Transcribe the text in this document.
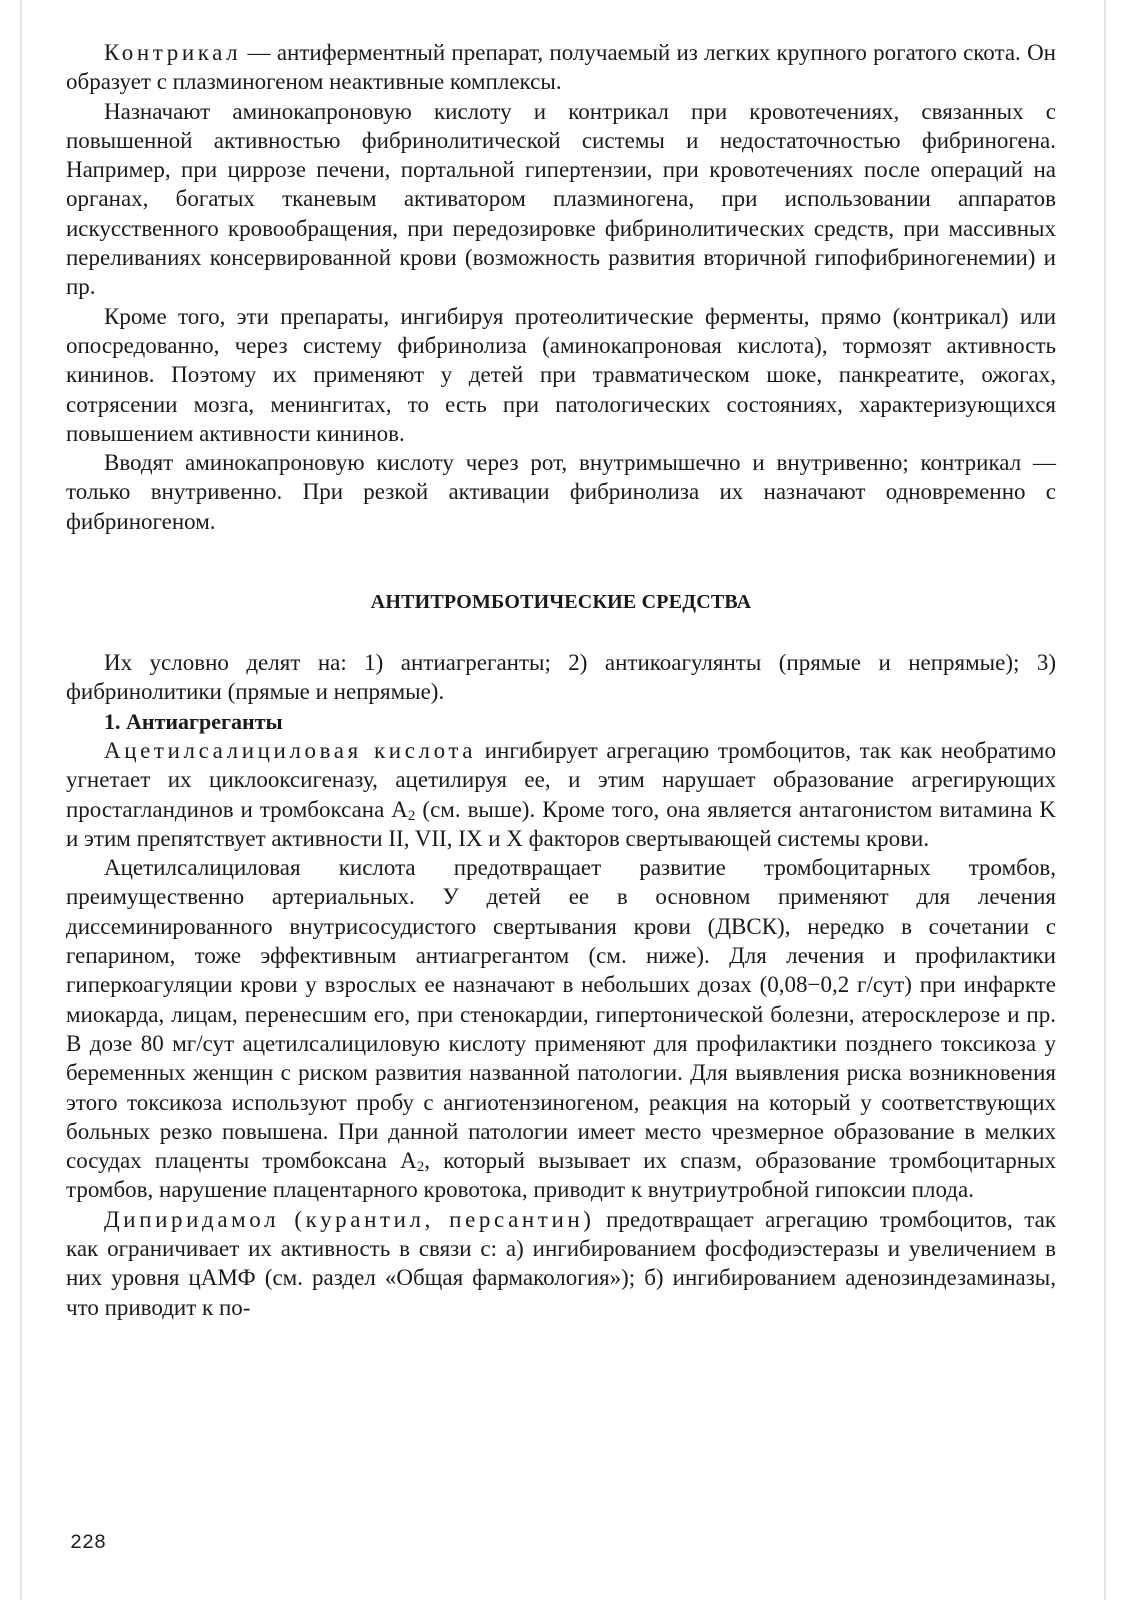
Контрикал — антиферментный препарат, получаемый из легких крупного рогатого скота. Он образует с плазминогеном неактивные комплексы.

Назначают аминокапроновую кислоту и контрикал при кровотечениях, связанных с повышенной активностью фибринолитической системы и недостаточностью фибриногена. Например, при циррозе печени, портальной гипертензии, при кровотечениях после операций на органах, богатых тканевым активатором плазминогена, при использовании аппаратов искусственного кровообращения, при передозировке фибринолитических средств, при массивных переливаниях консервированной крови (возможность развития вторичной гипофибриногенемии) и пр.

Кроме того, эти препараты, ингибируя протеолитические ферменты, прямо (контрикал) или опосредованно, через систему фибринолиза (аминокапроновая кислота), тормозят активность кининов. Поэтому их применяют у детей при травматическом шоке, панкреатите, ожогах, сотрясении мозга, менингитах, то есть при патологических состояниях, характеризующихся повышением активности кининов.

Вводят аминокапроновую кислоту через рот, внутримышечно и внутривенно; контрикал — только внутривенно. При резкой активации фибринолиза их назначают одновременно с фибриногеном.

АНТИТРОМБОТИЧЕСКИЕ СРЕДСТВА

Их условно делят на: 1) антиагреганты; 2) антикоагулянты (прямые и непрямые); 3) фибринолитики (прямые и непрямые).

1. Антиагреганты

Ацетилсалициловая кислота ингибирует агрегацию тромбоцитов, так как необратимо угнетает их циклооксигеназу, ацетилируя ее, и этим нарушает образование агрегирующих простагландинов и тромбоксана $A_2$ (см. выше). Кроме того, она является антагонистом витамина K и этим препятствует активности II, VII, IX и X факторов свертывающей системы крови.

Ацетилсалициловая кислота предотвращает развитие тромбоцитарных тромбов, преимущественно артериальных. У детей ее в основном применяют для лечения диссеминированного внутрисосудистого свертывания крови (ДВСК), нередко в сочетании с гепарином, тоже эффективным антиагрегантом (см. ниже). Для лечения и профилактики гиперкоагуляции крови у взрослых ее назначают в небольших дозах (0,08−0,2 г/сут) при инфаркте миокарда, лицам, перенесшим его, при стенокардии, гипертонической болезни, атеросклерозе и пр. В дозе 80 мг/сут ацетилсалициловую кислоту применяют для профилактики позднего токсикоза у беременных женщин с риском развития названной патологии. Для выявления риска возникновения этого токсикоза используют пробу с ангиотензиногеном, реакция на который у соответствующих больных резко повышена. При данной патологии имеет место чрезмерное образование в мелких сосудах плаценты тромбоксана $A_2$, который вызывает их спазм, образование тромбоцитарных тромбов, нарушение плацентарного кровотока, приводит к внутриутробной гипоксии плода.

Дипиридамол (курантил, персантин) предотвращает агрегацию тромбоцитов, так как ограничивает их активность в связи с: а) ингибированием фосфодиэстеразы и увеличением в них уровня цАМФ (см. раздел «Общая фармакология»); б) ингибированием аденозиндезаминазы, что приводит к по-

228
